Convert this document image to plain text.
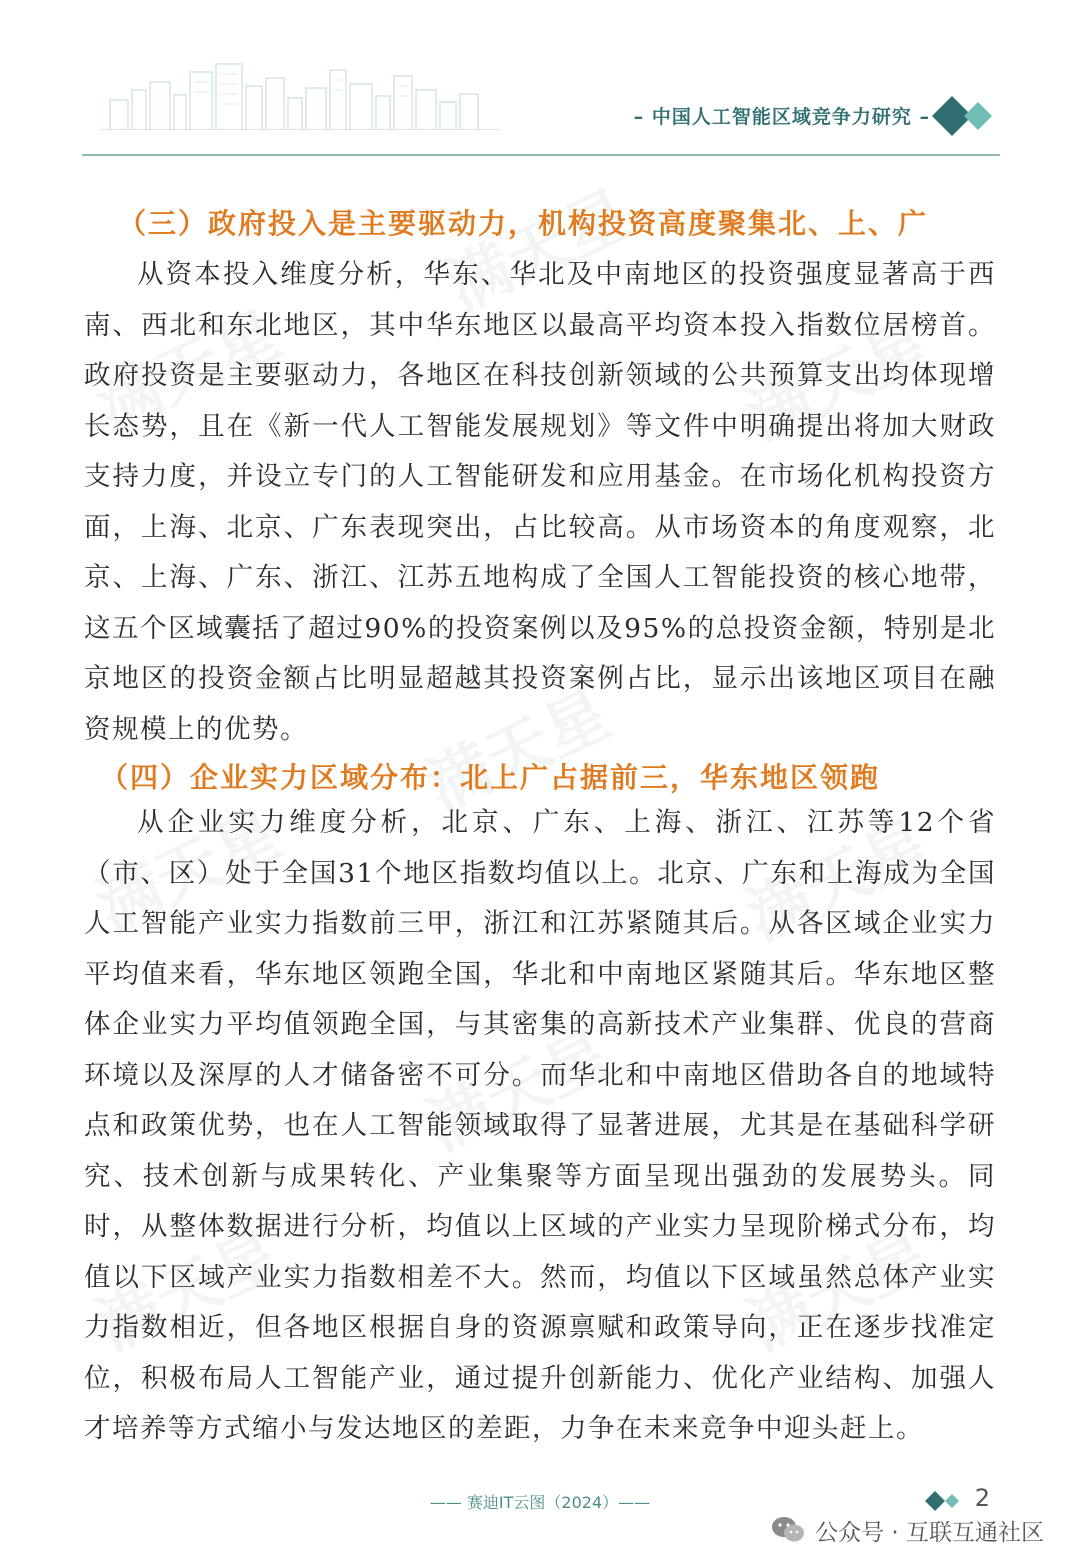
– 中国人工智能区域竞争力研究 –
满天星
满天星	满天星
满天星
满天星	满天星
满天星
满天星	满天星
（三）政府投入是主要驱动力，机构投资高度聚集北、上、广

从资本投入维度分析，华东、华北及中南地区的投资强度显著高于西南、西北和东北地区，其中华东地区以最高平均资本投入指数位居榜首。政府投资是主要驱动力，各地区在科技创新领域的公共预算支出均体现增长态势，且在《新一代人工智能发展规划》等文件中明确提出将加大财政支持力度，并设立专门的人工智能研发和应用基金。在市场化机构投资方面，上海、北京、广东表现突出，占比较高。从市场资本的角度观察，北京、上海、广东、浙江、江苏五地构成了全国人工智能投资的核心地带，这五个区域囊括了超过90%的投资案例以及95%的总投资金额，特别是北京地区的投资金额占比明显超越其投资案例占比，显示出该地区项目在融资规模上的优势。

（四）企业实力区域分布：北上广占据前三，华东地区领跑

从企业实力维度分析，北京、广东、上海、浙江、江苏等12个省（市、区）处于全国31个地区指数均值以上。北京、广东和上海成为全国人工智能产业实力指数前三甲，浙江和江苏紧随其后。从各区域企业实力平均值来看，华东地区领跑全国，华北和中南地区紧随其后。华东地区整体企业实力平均值领跑全国，与其密集的高新技术产业集群、优良的营商环境以及深厚的人才储备密不可分。而华北和中南地区借助各自的地域特点和政策优势，也在人工智能领域取得了显著进展，尤其是在基础科学研究、技术创新与成果转化、产业集聚等方面呈现出强劲的发展势头。同时，从整体数据进行分析，均值以上区域的产业实力呈现阶梯式分布，均值以下区域产业实力指数相差不大。然而，均值以下区域虽然总体产业实力指数相近，但各地区根据自身的资源禀赋和政策导向，正在逐步找准定位，积极布局人工智能产业，通过提升创新能力、优化产业结构、加强人才培养等方式缩小与发达地区的差距，力争在未来竞争中迎头赶上。

—— 赛迪IT云图（2024）——	2
公众号 · 互联互通社区
